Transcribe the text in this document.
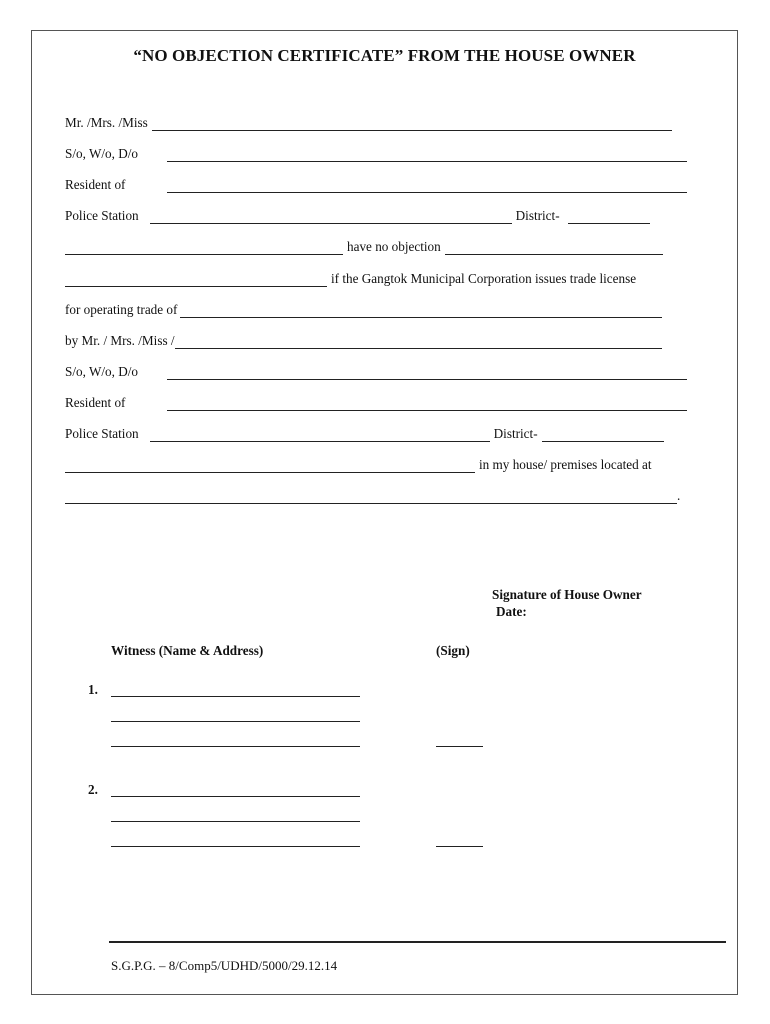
“NO OBJECTION CERTIFICATE” FROM THE HOUSE OWNER
Mr. /Mrs. /Miss
S/o, W/o, D/o
Resident of
Police Station	District-
have no objection
if the Gangtok Municipal Corporation issues trade license
for operating trade of
by Mr. / Mrs. /Miss /
S/o, W/o, D/o
Resident of
Police Station	District-
in my house/ premises located at
.
Signature of House Owner
Date:
Witness (Name & Address)	(Sign)
1.
2.
S.G.P.G. – 8/Comp5/UDHD/5000/29.12.14
